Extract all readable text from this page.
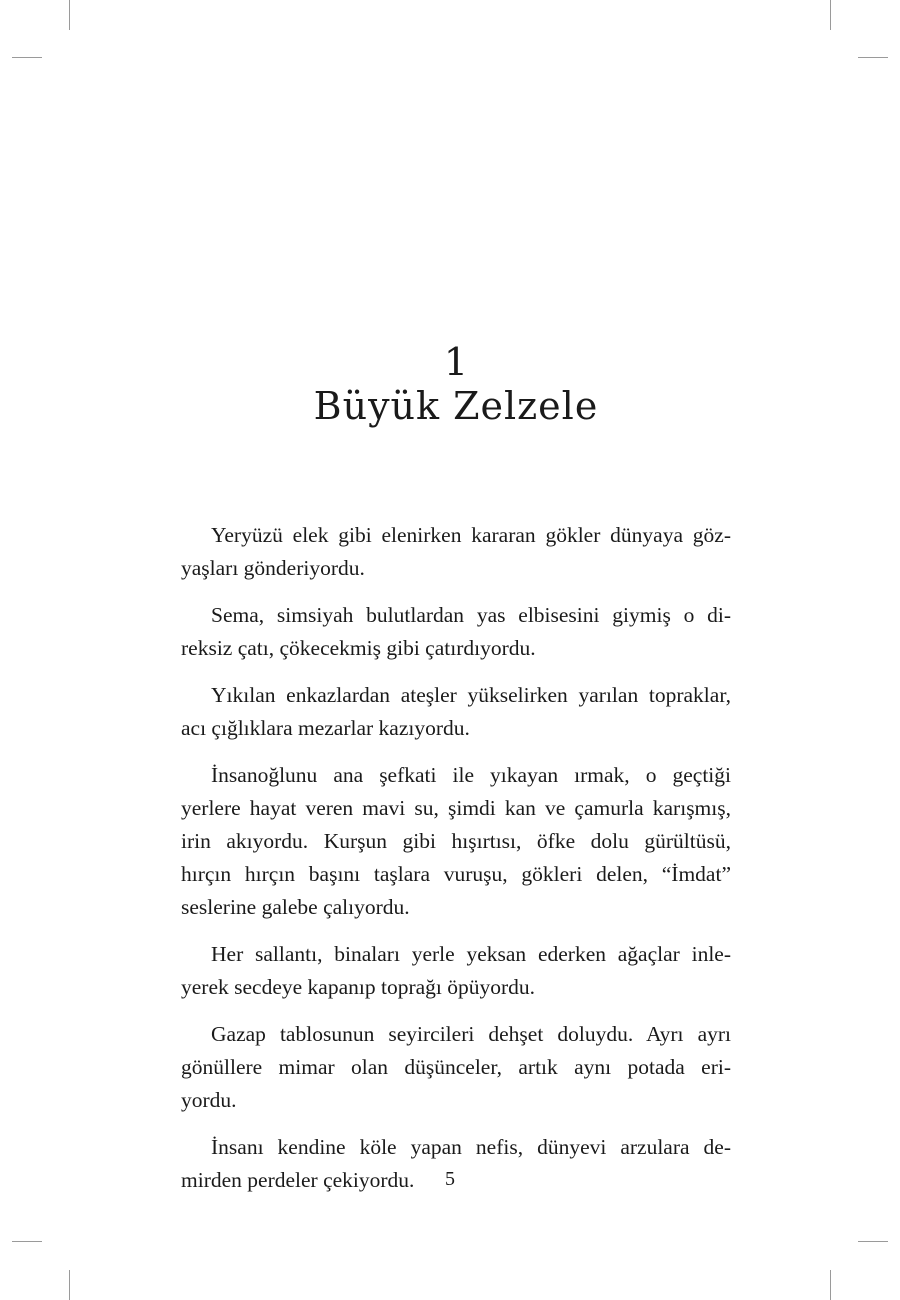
1
Büyük Zelzele

Yeryüzü elek gibi elenirken kararan gökler dünyaya göz-
yaşları gönderiyordu.

Sema, simsiyah bulutlardan yas elbisesini giymiş o di-
reksiz çatı, çökecekmiş gibi çatırdıyordu.

Yıkılan enkazlardan ateşler yükselirken yarılan topraklar,
acı çığlıklara mezarlar kazıyordu.

İnsanoğlunu ana şefkati ile yıkayan ırmak, o geçtiği
yerlere hayat veren mavi su, şimdi kan ve çamurla karışmış,
irin akıyordu. Kurşun gibi hışırtısı, öfke dolu gürültüsü,
hırçın hırçın başını taşlara vuruşu, gökleri delen, “İmdat”
seslerine galebe çalıyordu.

Her sallantı, binaları yerle yeksan ederken ağaçlar inle-
yerek secdeye kapanıp toprağı öpüyordu.

Gazap tablosunun seyircileri dehşet doluydu. Ayrı ayrı
gönüllere mimar olan düşünceler, artık aynı potada eri-
yordu.

İnsanı kendine köle yapan nefis, dünyevi arzulara de-
mirden perdeler çekiyordu.	5
